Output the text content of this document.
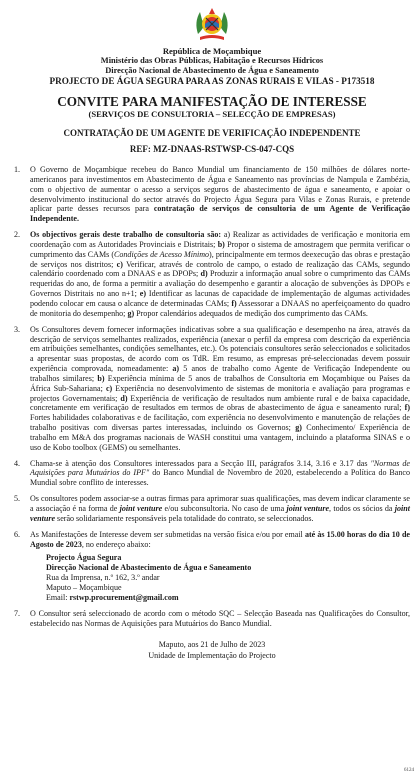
República de Moçambique
Ministério das Obras Públicas, Habitação e Recursos Hídricos
Direcção Nacional de Abastecimento de Água e Saneamento
PROJECTO DE ÁGUA SEGURA PARA AS ZONAS RURAIS E VILAS - P173518
CONVITE PARA MANIFESTAÇÃO DE INTERESSE
(SERVIÇOS DE CONSULTORIA – SELECÇÃO DE EMPRESAS)
CONTRATAÇÃO DE UM AGENTE DE VERIFICAÇÃO INDEPENDENTE
REF: MZ-DNAAS-RSTWSP-CS-047-CQS
1. O Governo de Moçambique recebeu do Banco Mundial um financiamento de 150 milhões de dólares norte-americanos para investimentos em Abastecimento de Água e Saneamento nas províncias de Nampula e Zambézia, com o objectivo de aumentar o acesso a serviços seguros de abastecimento de água e saneamento, e apoiar o desenvolvimento institucional do sector através do Projecto Água Segura para Vilas e Zonas Rurais, e pretende aplicar parte desses recursos para contratação de serviços de consultoria de um Agente de Verificação Independente.
2. Os objectivos gerais deste trabalho de consultoria são: a) Realizar as actividades de verificação e monitoria em coordenação com as Autoridades Provinciais e Distritais; b) Propor o sistema de amostragem que permita verificar o cumprimento das CAMs (Condições de Acesso Mínimo), principalmente em termos deexecução das obras e prestação de serviços nos distritos; c) Verificar, através de controlo de campo, o estado de realização das CAMs, segundo calendário coordenado com a DNAAS e as DPOPs; d) Produzir a informação anual sobre o cumprimento das CAMs requeridas do ano, de forma a permitir a avaliação do desempenho e garantir a alocação de subvenções às DPOPs e Governos Distritais no ano n+1; e) Identificar as lacunas de capacidade de implementação de algumas actividades podendo colocar em causa o alcance de determinadas CAMs; f) Assessorar a DNAAS no aperfeiçoamento do quadro de monitoria do desempenho; g) Propor calendários adequados de medição dos cumprimento das CAMs.
3. Os Consultores devem fornecer informações indicativas sobre a sua qualificação e desempenho na área, através da descrição de serviços semelhantes realizados, experiência (anexar o perfil da empresa com descrição da experiência em atribuições semelhantes, condições semelhantes, etc.). Os potenciais consultores serão seleccionados e solicitados a apresentar suas propostas, de acordo com os TdR. Em resumo, as empresas pré-seleccionadas devem possuir experiência comprovada, nomeadamente: a) 5 anos de trabalho como Agente de Verificação Independente ou trabalhos similares; b) Experiência mínima de 5 anos de trabalhos de Consultoria em Moçambique ou Países da África Sub-Sahariana; c) Experiência no desenvolvimento de sistemas de monitoria e avaliação para programas e projectos Governamentais; d) Experiência de verificação de resultados num ambiente rural e de baixa capacidade, concretamente em verificação de resultados em termos de obras de abastecimento de água e saneamento rural; f) Fortes habilidades colaborativas e de facilitação, com experiência no desenvolvimento e manutenção de relações de trabalho positivas com diversas partes interessadas, incluindo os Governos; g) Conhecimento/ Experiência de trabalho em M&A dos programas nacionais de WASH constitui uma vantagem, incluindo a plataforma SINAS e o uso de Kobo toolbox (GEMS) ou semelhantes.
4. Chama-se à atenção dos Consultores interessados para a Secção III, parágrafos 3.14, 3.16 e 3.17 das "Normas de Aquisições para Mutuários do IPF" do Banco Mundial de Novembro de 2020, estabelecendo a Política do Banco Mundial sobre conflito de interesses.
5. Os consultores podem associar-se a outras firmas para aprimorar suas qualificações, mas devem indicar claramente se a associação é na forma de joint venture e/ou subconsultoria. No caso de uma joint venture, todos os sócios da joint venture serão solidariamente responsáveis pela totalidade do contrato, se seleccionados.
6. As Manifestações de Interesse devem ser submetidas na versão física e/ou por email até às 15.00 horas do dia 10 de Agosto de 2023, no endereço abaixo:
Projecto Água Segura
Direcção Nacional de Abastecimento de Água e Saneamento
Rua da Imprensa, n.º 162, 3.º andar
Maputo – Moçambique
Email: rstwp.procurement@gmail.com
7. O Consultor será seleccionado de acordo com o método SQC – Selecção Baseada nas Qualificações do Consultor, estabelecido nas Normas de Aquisições para Mutuários do Banco Mundial.
Maputo, aos 21 de Julho de 2023
Unidade de Implementação do Projecto
6124
